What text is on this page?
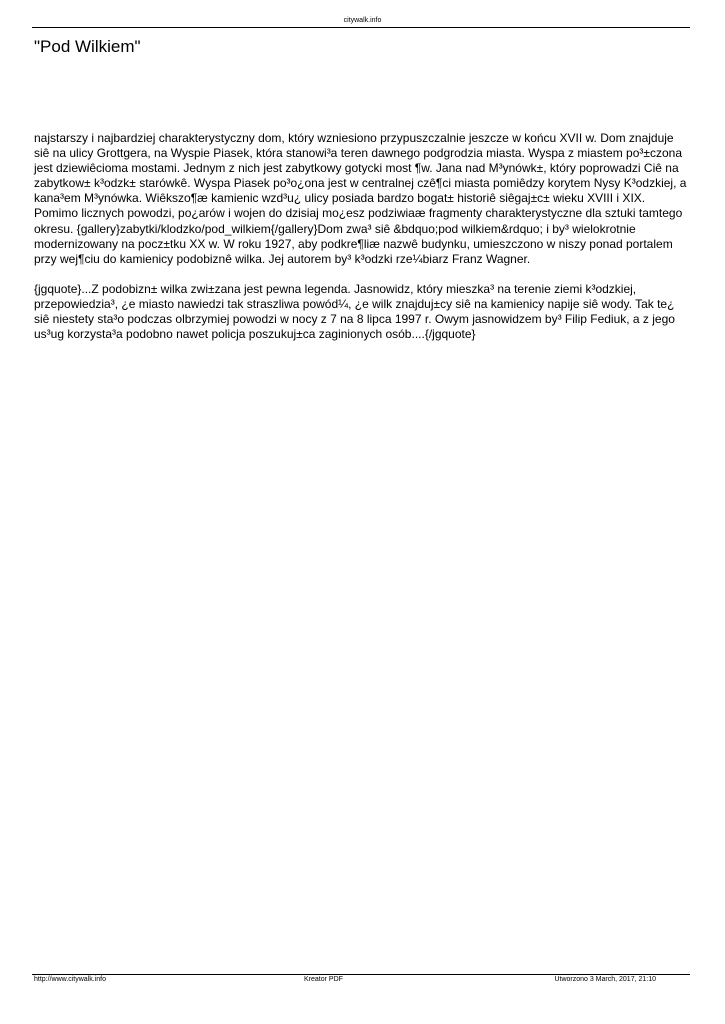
citywalk.info
"Pod Wilkiem"

najstarszy i najbardziej charakterystyczny dom, który wzniesiono przypuszczalnie jeszcze w końcu XVII w. Dom znajduje siê na ulicy Grottgera, na Wyspie Piasek, która stanowi³a teren dawnego podgrodzia miasta. Wyspa z miastem po³±czona jest dziewiêcioma mostami. Jednym z nich jest zabytkowy gotycki most ¶w. Jana nad M³ynówk±, który poprowadzi Ciê na zabytkow± k³odzk± starówkê. Wyspa Piasek po³o¿ona jest w centralnej czê¶ci miasta pomiêdzy korytem Nysy K³odzkiej, a kana³em M³ynówka. Wiêkszo¶æ kamienic wzd³u¿ ulicy posiada bardzo bogat± historiê siêgaj±c± wieku XVIII i XIX. Pomimo licznych powodzi, po¿arów i wojen do dzisiaj mo¿esz podziwiaæ fragmenty charakterystyczne dla sztuki tamtego okresu. {gallery}zabytki/klodzko/pod_wilkiem{/gallery}Dom zwa³ siê &bdquo;pod wilkiem&rdquo; i by³ wielokrotnie modernizowany na pocz±tku XX w. W roku 1927, aby podkre¶liæ nazwê budynku, umieszczono w niszy ponad portalem przy wej¶ciu do kamienicy podobiznê wilka. Jej autorem by³ k³odzki rze¼biarz Franz Wagner.

{jgquote}...Z podobizn± wilka zwi±zana jest pewna legenda. Jasnowidz, który mieszka³ na terenie ziemi k³odzkiej, przepowiedzia³, ¿e miasto nawiedzi tak straszliwa powód¼, ¿e wilk znajduj±cy siê na kamienicy napije siê wody. Tak te¿ siê niestety sta³o podczas olbrzymiej powodzi w nocy z 7 na 8 lipca 1997 r. Owym jasnowidzem by³ Filip Fediuk, a z jego us³ug korzysta³a podobno nawet policja poszukuj±ca zaginionych osób....{/jgquote}

http://www.citywalk.info	Kreator PDF	Utworzono 3 March, 2017, 21:10
